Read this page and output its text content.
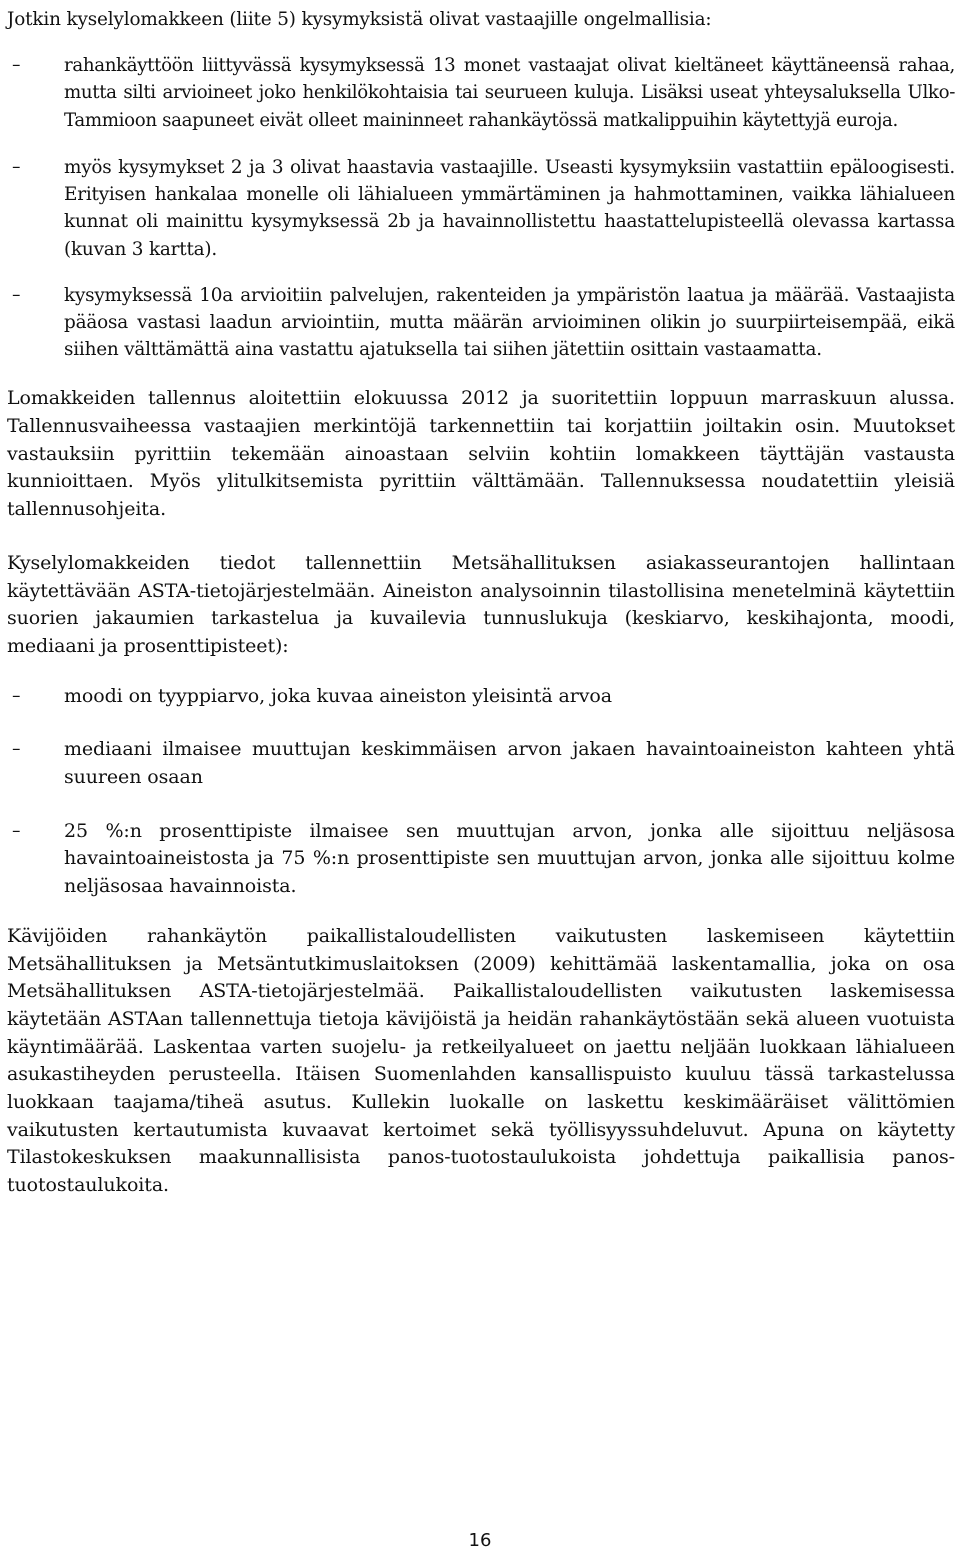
Jotkin kyselylomakkeen (liite 5) kysymyksistä olivat vastaajille ongelmallisia:

– rahankäyttöön liittyvässä kysymyksessä 13 monet vastaajat olivat kieltäneet käyttäneensä rahaa, mutta silti arvioineet joko henkilökohtaisia tai seurueen kuluja. Lisäksi useat yhteysaluksella Ulko-Tammioon saapuneet eivät olleet maininneet rahankäytössä matkalippuihin käytettyjä euroja.
– myös kysymykset 2 ja 3 olivat haastavia vastaajille. Useasti kysymyksiin vastattiin epäloogisesti. Erityisen hankalaa monelle oli lähialueen ymmärtäminen ja hahmottaminen, vaikka lähialueen kunnat oli mainittu kysymyksessä 2b ja havainnollistettu haastattelupisteellä olevassa kartassa (kuvan 3 kartta).
– kysymyksessä 10a arvioitiin palvelujen, rakenteiden ja ympäristön laatua ja määrää. Vastaajista pääosa vastasi laadun arviointiin, mutta määrän arvioiminen olikin jo suurpiirteisempää, eikä siihen välttämättä aina vastattu ajatuksella tai siihen jätettiin osittain vastaamatta.

Lomakkeiden tallennus aloitettiin elokuussa 2012 ja suoritettiin loppuun marraskuun alussa. Tallennusvaiheessa vastaajien merkintöjä tarkennettiin tai korjattiin joiltakin osin. Muutokset vastauksiin pyrittiin tekemään ainoastaan selviin kohtiin lomakkeen täyttäjän vastausta kunnioittaen. Myös ylitulkitsemista pyrittiin välttämään. Tallennuksessa noudatettiin yleisiä tallennusohjeita.

Kyselylomakkeiden tiedot tallennettiin Metsähallituksen asiakasseurantojen hallintaan käytettävään ASTA-tietojärjestelmään. Aineiston analysoinnin tilastollisina menetelminä käytettiin suorien jakaumien tarkastelua ja kuvailevia tunnuslukuja (keskiarvo, keskihajonta, moodi, mediaani ja prosenttipisteet):

– moodi on tyyppiarvo, joka kuvaa aineiston yleisintä arvoa
– mediaani ilmaisee muuttujan keskimmäisen arvon jakaen havaintoaineiston kahteen yhtä suureen osaan
– 25 %:n prosenttipiste ilmaisee sen muuttujan arvon, jonka alle sijoittuu neljäsosa havaintoaineistosta ja 75 %:n prosenttipiste sen muuttujan arvon, jonka alle sijoittuu kolme neljäsosaa havainnoista.

Kävijöiden rahankäytön paikallistaloudellisten vaikutusten laskemiseen käytettiin Metsähallituksen ja Metsäntutkimuslaitoksen (2009) kehittämää laskentamallia, joka on osa Metsähallituksen ASTA-tietojärjestelmää. Paikallistaloudellisten vaikutusten laskemisessa käytetään ASTAan tallennettuja tietoja kävijöistä ja heidän rahankäytöstään sekä alueen vuotuista käyntimäärää. Laskentaa varten suojelu- ja retkeilyalueet on jaettu neljään luokkaan lähialueen asukastiheyden perusteella. Itäisen Suomenlahden kansallispuisto kuuluu tässä tarkastelussa luokkaan taajama/tiheä asutus. Kullekin luokalle on laskettu keskimääräiset välittömien vaikutusten kertautumista kuvaavat kertoimet sekä työllisyyssuhdeluvut. Apuna on käytetty Tilastokeskuksen maakunnallisista panos-tuotostaulukoista johdettuja paikallisia panos-tuotostaulukoita.

16
